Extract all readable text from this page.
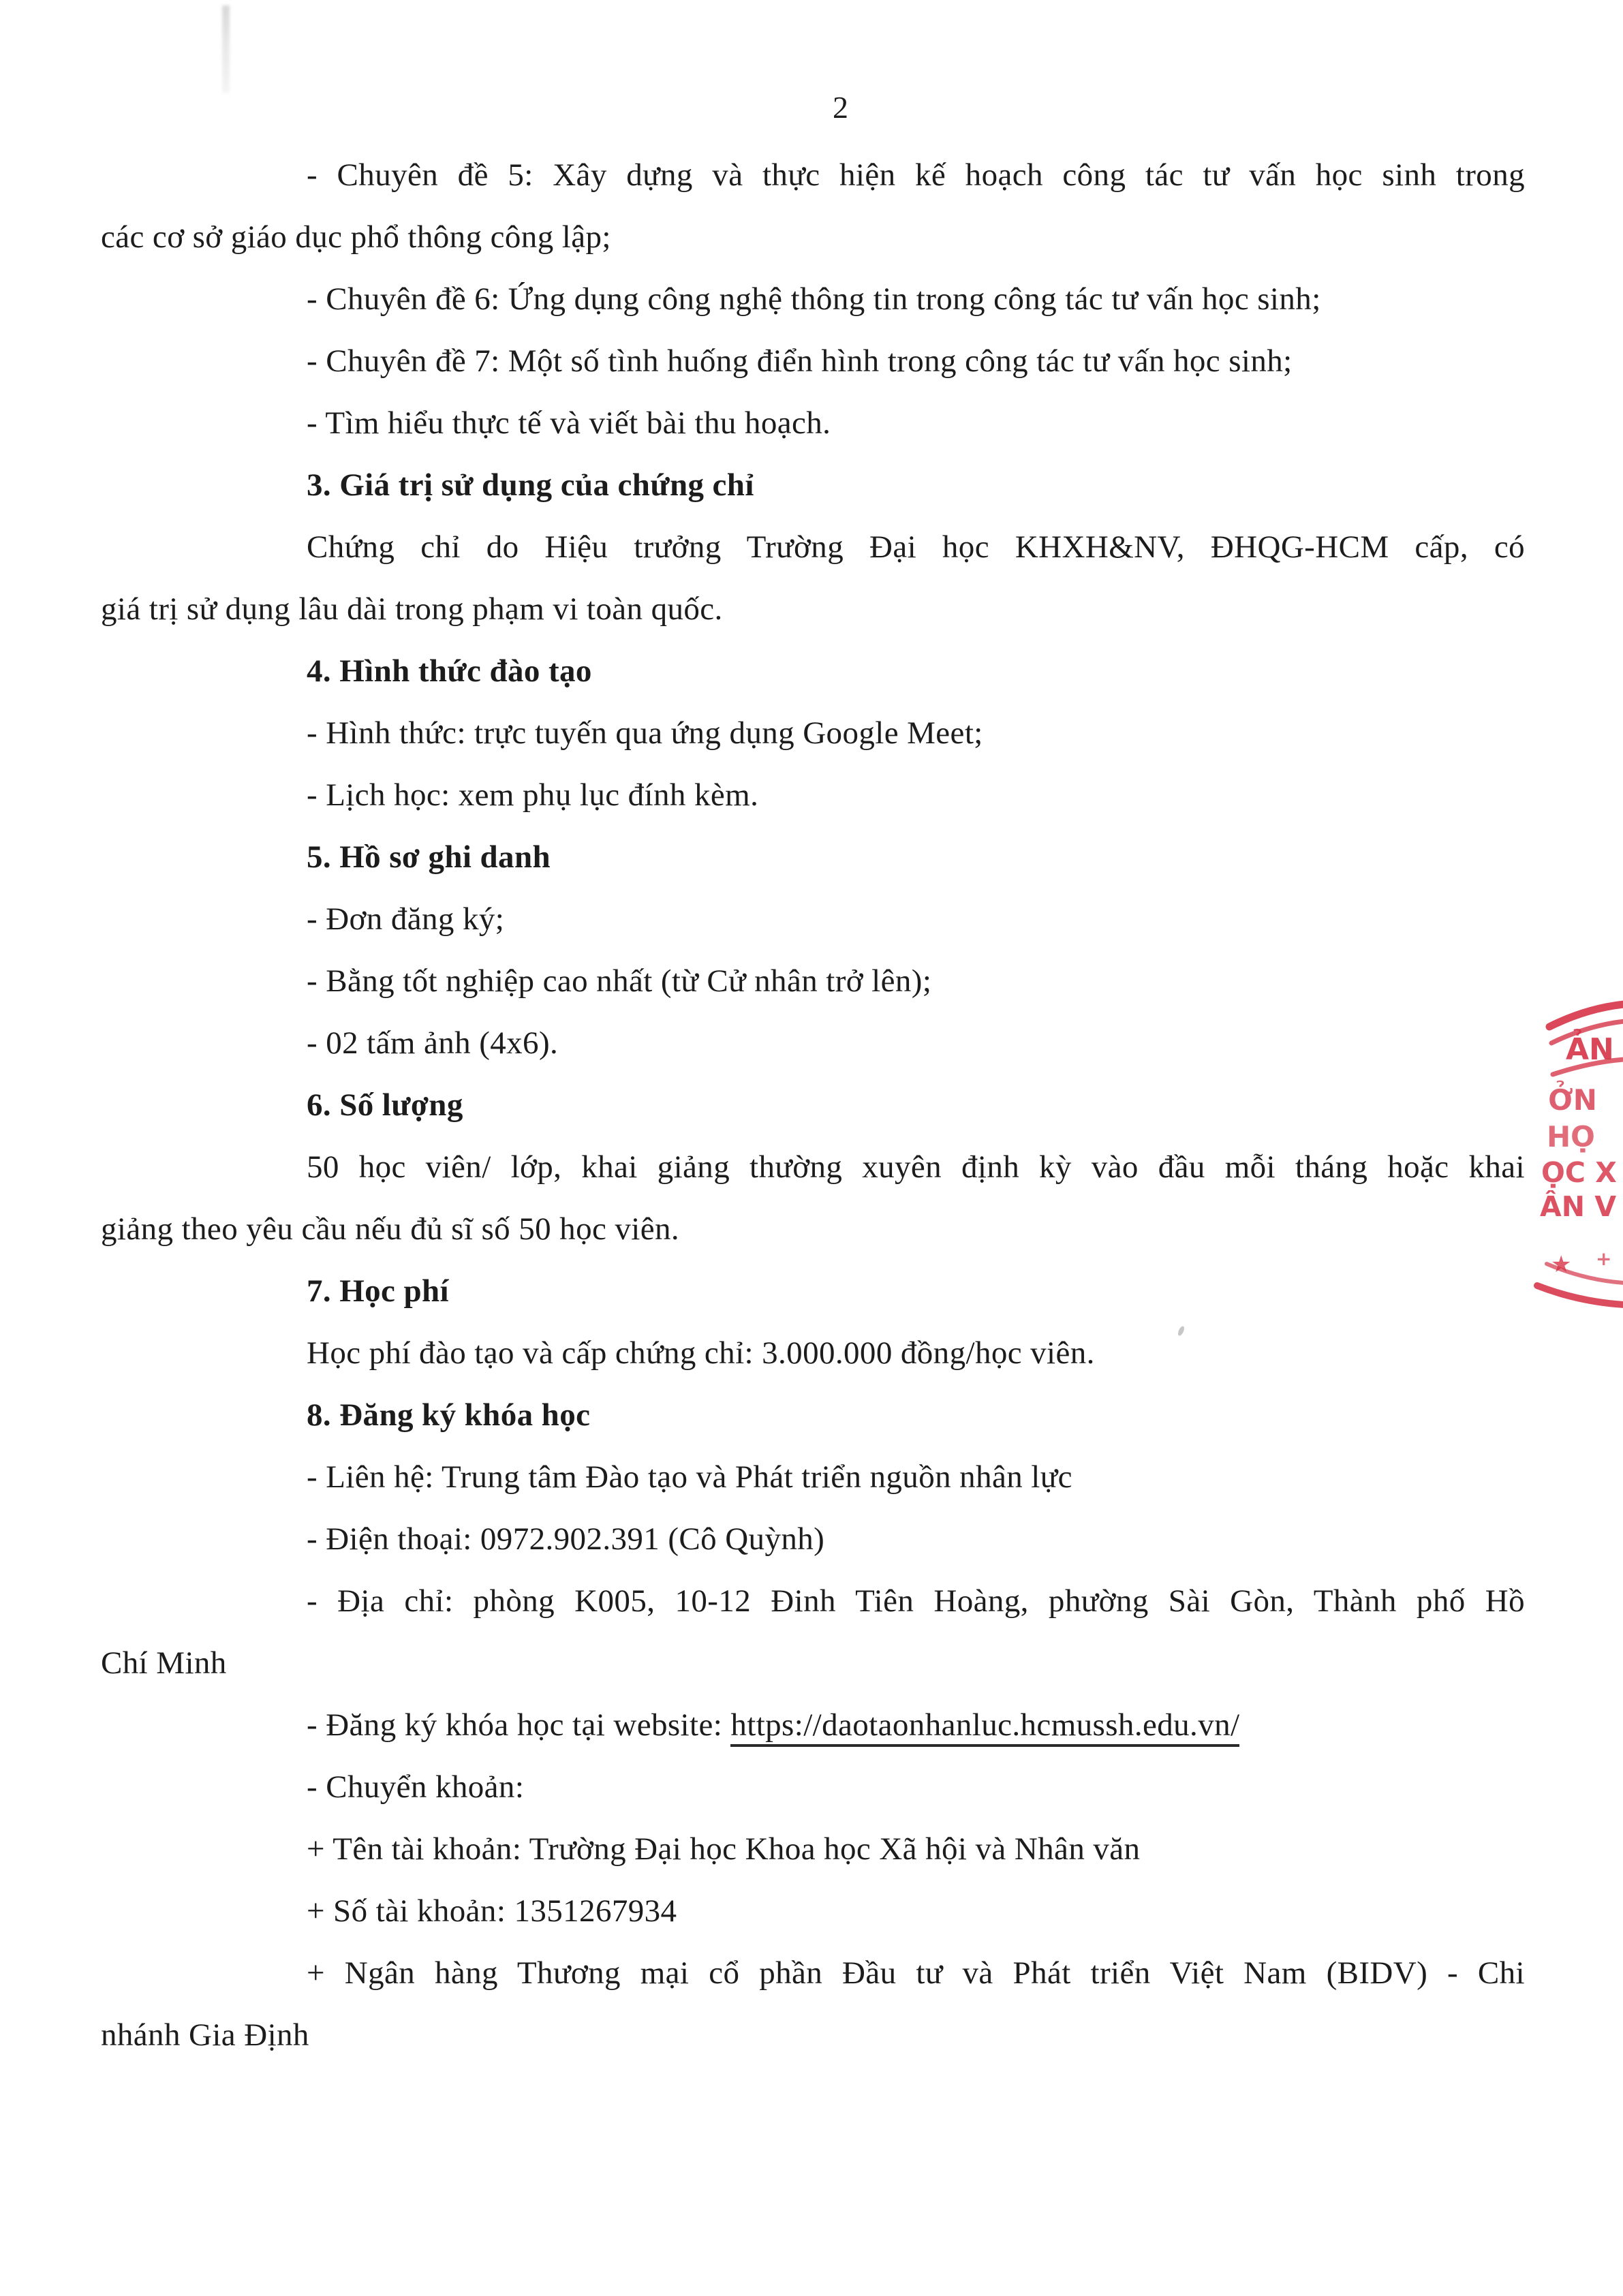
2
- Chuyên đề 5: Xây dựng và thực hiện kế hoạch công tác tư vấn học sinh trong
các cơ sở giáo dục phổ thông công lập;
- Chuyên đề 6: Ứng dụng công nghệ thông tin trong công tác tư vấn học sinh;
- Chuyên đề 7: Một số tình huống điển hình trong công tác tư vấn học sinh;
- Tìm hiểu thực tế và viết bài thu hoạch.
3. Giá trị sử dụng của chứng chỉ
Chứng chỉ do Hiệu trưởng Trường Đại học KHXH&NV, ĐHQG-HCM cấp, có
giá trị sử dụng lâu dài trong phạm vi toàn quốc.
4. Hình thức đào tạo
- Hình thức: trực tuyến qua ứng dụng Google Meet;
- Lịch học: xem phụ lục đính kèm.
5. Hồ sơ ghi danh
- Đơn đăng ký;
- Bằng tốt nghiệp cao nhất (từ Cử nhân trở lên);
- 02 tấm ảnh (4x6).
6. Số lượng
50 học viên/ lớp, khai giảng thường xuyên định kỳ vào đầu mỗi tháng hoặc khai
giảng theo yêu cầu nếu đủ sĩ số 50 học viên.
7. Học phí
Học phí đào tạo và cấp chứng chỉ: 3.000.000 đồng/học viên.
8. Đăng ký khóa học
- Liên hệ: Trung tâm Đào tạo và Phát triển nguồn nhân lực
- Điện thoại: 0972.902.391 (Cô Quỳnh)
- Địa chỉ: phòng K005, 10-12 Đinh Tiên Hoàng, phường Sài Gòn, Thành phố Hồ
Chí Minh
- Đăng ký khóa học tại website: https://daotaonhanluc.hcmussh.edu.vn/
- Chuyển khoản:
+ Tên tài khoản: Trường Đại học Khoa học Xã hội và Nhân văn
+ Số tài khoản: 1351267934
+ Ngân hàng Thương mại cổ phần Đầu tư và Phát triển Việt Nam (BIDV) - Chi
nhánh Gia Định
ẢN
ỞN
HỌ
ỌC X
ÂN V
★ +
